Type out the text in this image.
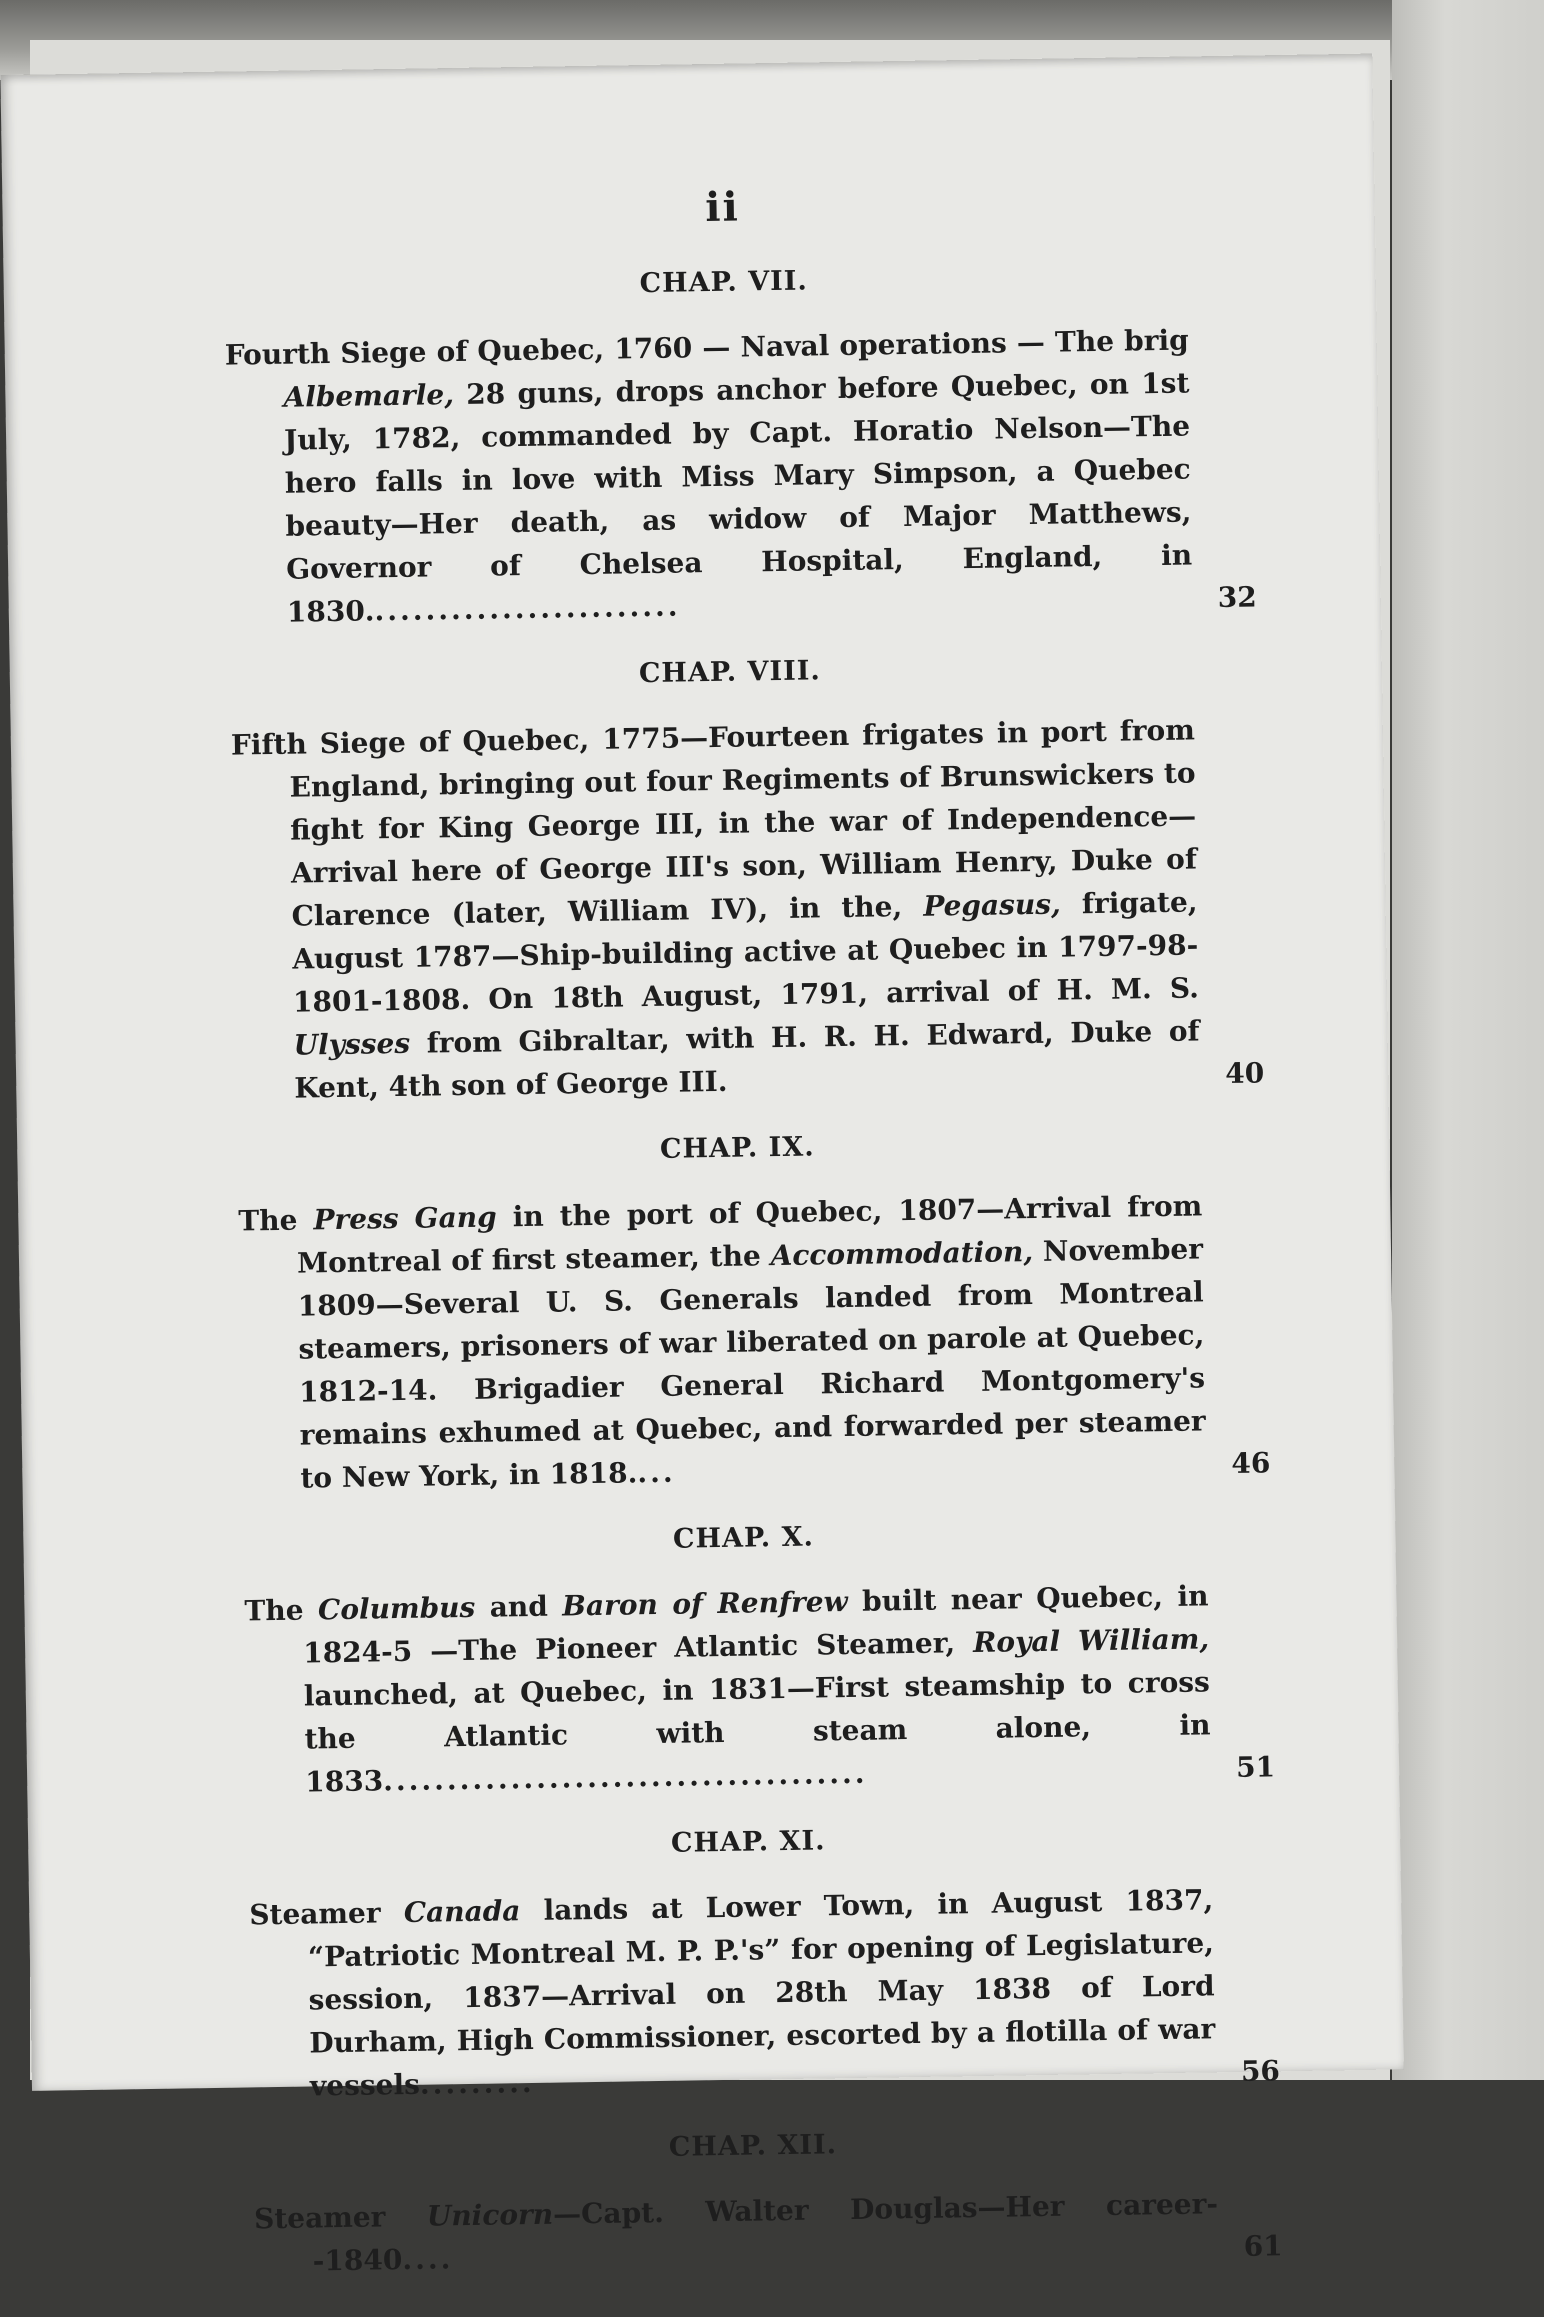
ii
CHAP. VII.
Fourth Siege of Quebec, 1760 — Naval operations — The brig Albemarle, 28 guns, drops anchor before Quebec, on 1st July, 1782, commanded by Capt. Horatio Nelson—The hero falls in love with Miss Mary Simpson, a Quebec beauty—Her death, as widow of Major Matthews, Governor of Chelsea Hospital, England, in 1830.........................	32
CHAP. VIII.
Fifth Siege of Quebec, 1775—Fourteen frigates in port from England, bringing out four Regiments of Brunswickers to fight for King George III, in the war of Independence—Arrival here of George III's son, William Henry, Duke of Clarence (later, William IV), in the, Pegasus, frigate, August 1787—Ship-building active at Quebec in 1797-98-1801-1808. On 18th August, 1791, arrival of H. M. S. Ulysses from Gibraltar, with H. R. H. Edward, Duke of Kent, 4th son of George III.	40
CHAP. IX.
The Press Gang in the port of Quebec, 1807—Arrival from Montreal of first steamer, the Accommodation, November 1809—Several U. S. Generals landed from Montreal steamers, prisoners of war liberated on parole at Quebec, 1812-14. Brigadier General Richard Montgomery's remains exhumed at Quebec, and forwarded per steamer to New York, in 1818....	46
CHAP. X.
The Columbus and Baron of Renfrew built near Quebec, in 1824-5 —The Pioneer Atlantic Steamer, Royal William, launched, at Quebec, in 1831—First steamship to cross the Atlantic with steam alone, in 1833......................................	51
CHAP. XI.
Steamer Canada lands at Lower Town, in August 1837, “Patriotic Montreal M. P. P.'s” for opening of Legislature, session, 1837—Arrival on 28th May 1838 of Lord Durham, High Commissioner, escorted by a flotilla of war vessels.........	56
CHAP. XII.
Steamer Unicorn—Capt. Walter Douglas—Her career--1840....	61
